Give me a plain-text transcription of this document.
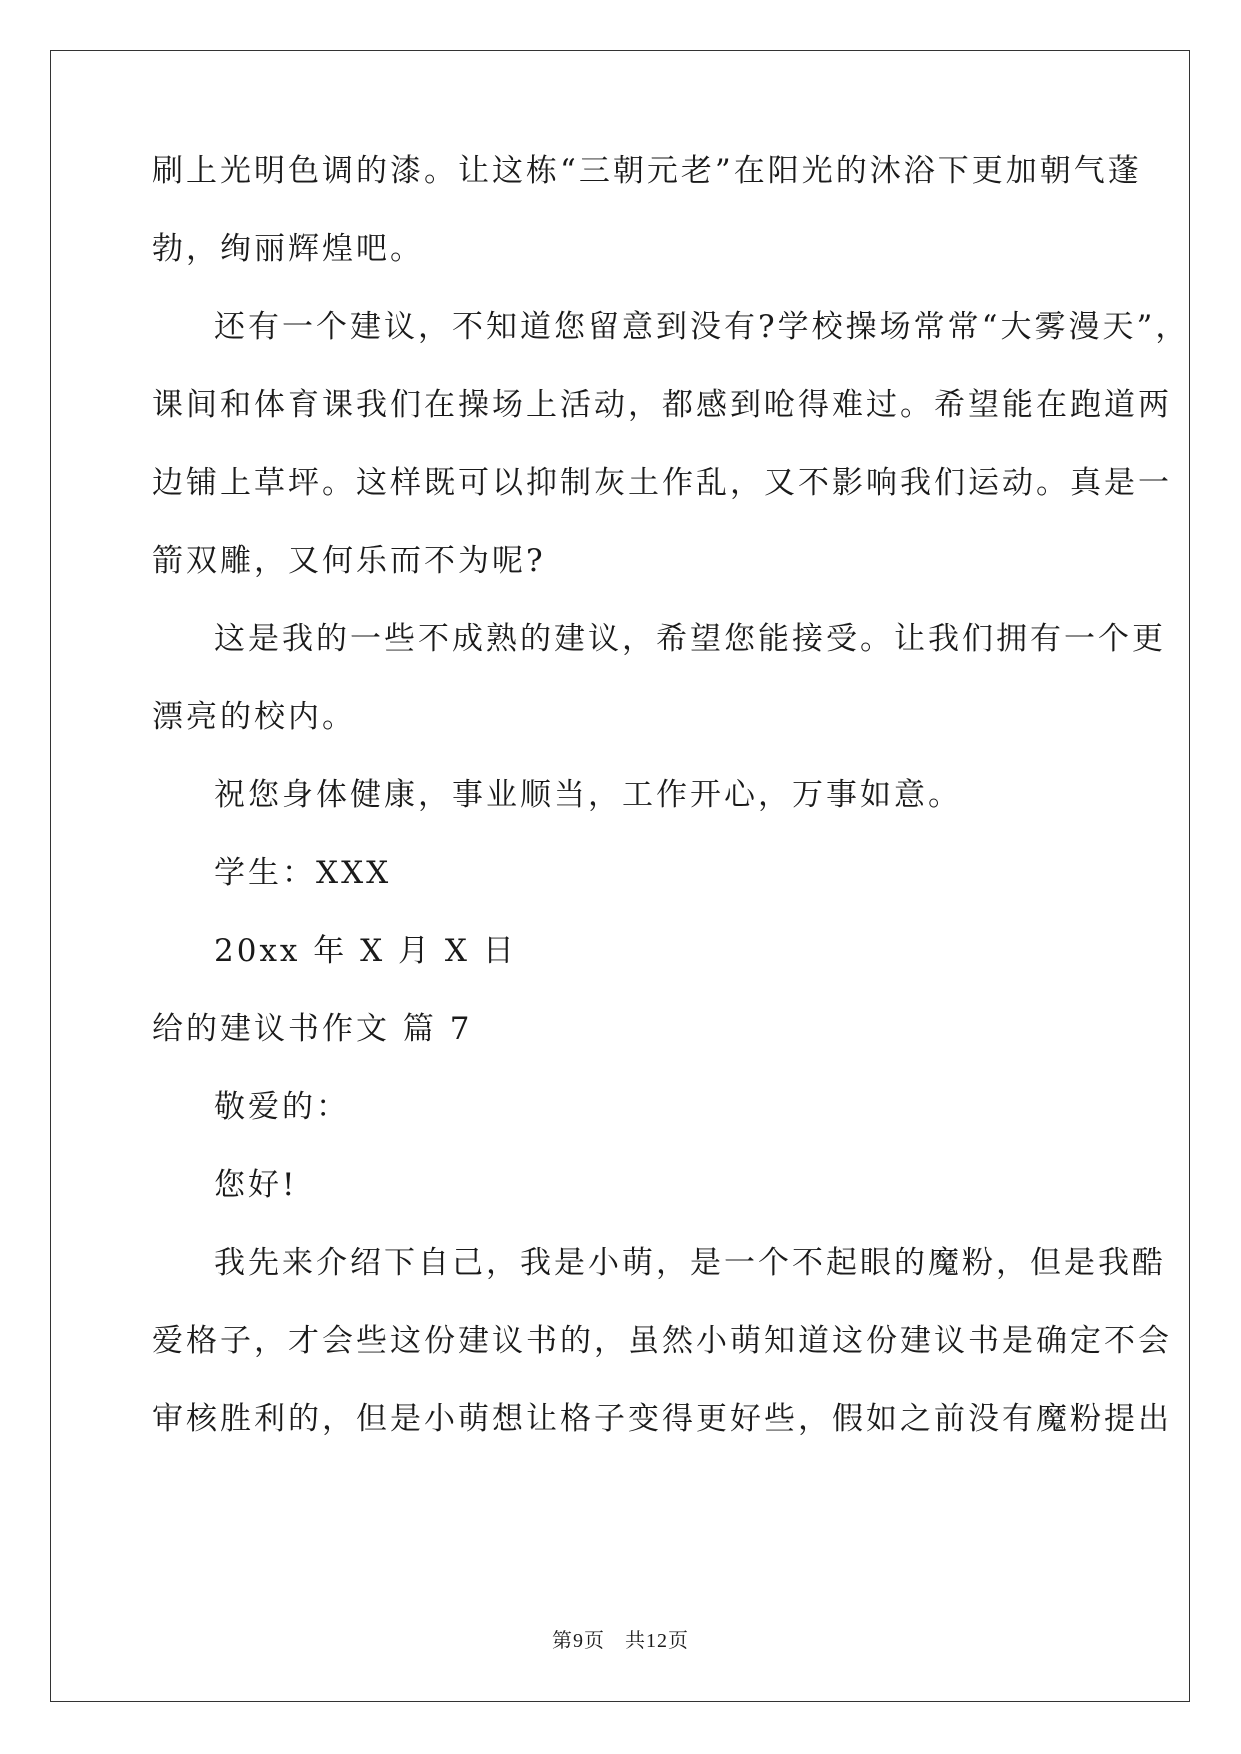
刷上光明色调的漆。让这栋“三朝元老”在阳光的沐浴下更加朝气蓬

勃，绚丽辉煌吧。

还有一个建议，不知道您留意到没有?学校操场常常“大雾漫天”，

课间和体育课我们在操场上活动，都感到呛得难过。希望能在跑道两

边铺上草坪。这样既可以抑制灰土作乱，又不影响我们运动。真是一

箭双雕，又何乐而不为呢?

这是我的一些不成熟的建议，希望您能接受。让我们拥有一个更

漂亮的校内。

祝您身体健康，事业顺当，工作开心，万事如意。

学生：XXX

20xx 年 X 月 X 日

给的建议书作文 篇 7

敬爱的：

您好!

我先来介绍下自己，我是小萌，是一个不起眼的魔粉，但是我酷

爱格子，才会些这份建议书的，虽然小萌知道这份建议书是确定不会

审核胜利的，但是小萌想让格子变得更好些，假如之前没有魔粉提出

第9页 共12页
